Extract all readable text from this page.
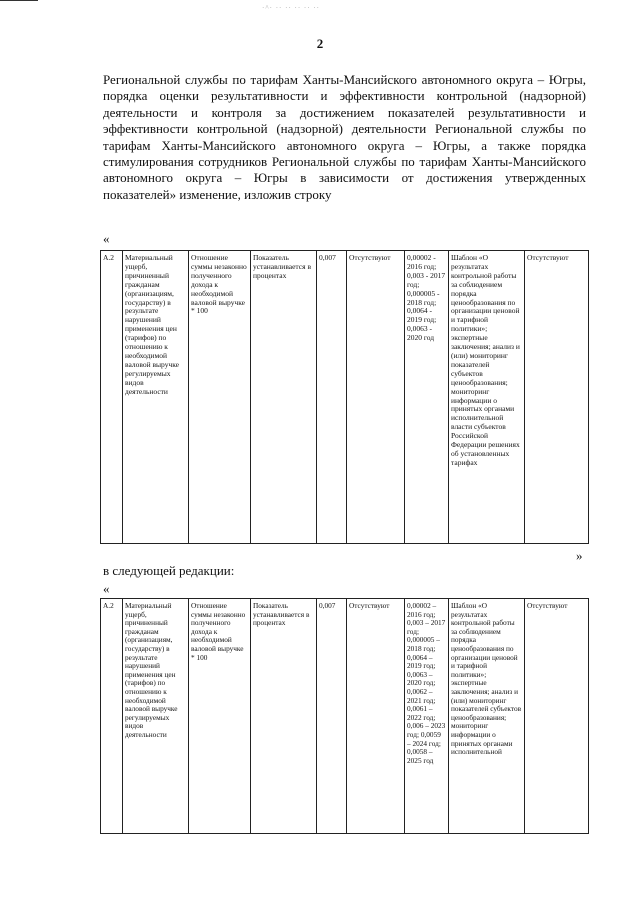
·^· ·· ·· ·· ·· ··
2

Региональной службы по тарифам Ханты-Мансийского автономного округа – Югры, порядка оценки результативности и эффективности контрольной (надзорной) деятельности и контроля за достижением показателей результативности и эффективности контрольной (надзорной) деятельности Региональной службы по тарифам Ханты-Мансийского автономного округа – Югры, а также порядка стимулирования сотрудников Региональной службы по тарифам Ханты-Мансийского автономного округа – Югры в зависимости от достижения утвержденных показателей» изменение, изложив строку

«
А.2	Материальный ущерб, причиненный гражданам (организациям, государству) в результате нарушений применения цен (тарифов) по отношению к необходимой валовой выручке регулируемых видов деятельности	Отношение суммы незаконно полученного дохода к необходимой валовой выручке * 100	Показатель устанавливается в процентах	0,007	Отсутствуют	0,00002 - 2016 год; 0,003 - 2017 год; 0,000005 - 2018 год; 0,0064 - 2019 год; 0,0063 - 2020 год	Шаблон «О результатах контрольной работы за соблюдением порядка ценообразования по организации ценовой и тарифной политики»; экспертные заключения; анализ и (или) мониторинг показателей субъектов ценообразования; мониторинг информации о принятых органами исполнительной власти субъектов Российской Федерации решениях об установленных тарифах	Отсутствуют
»
в следующей редакции:
«
А.2	Материальный ущерб, причиненный гражданам (организациям, государству) в результате нарушений применения цен (тарифов) по отношению к необходимой валовой выручке регулируемых видов деятельности	Отношение суммы незаконно полученного дохода к необходимой валовой выручке * 100	Показатель устанавливается в процентах	0,007	Отсутствуют	0,00002 – 2016 год; 0,003 – 2017 год; 0,000005 – 2018 год; 0,0064 – 2019 год; 0,0063 – 2020 год; 0,0062 – 2021 год; 0,0061 – 2022 год; 0,006 – 2023 год; 0,0059 – 2024 год; 0,0058 – 2025 год	Шаблон «О результатах контрольной работы за соблюдением порядка ценообразования по организации ценовой и тарифной политики»; экспертные заключения; анализ и (или) мониторинг показателей субъектов ценообразования; мониторинг информации о принятых органами исполнительной	Отсутствуют
